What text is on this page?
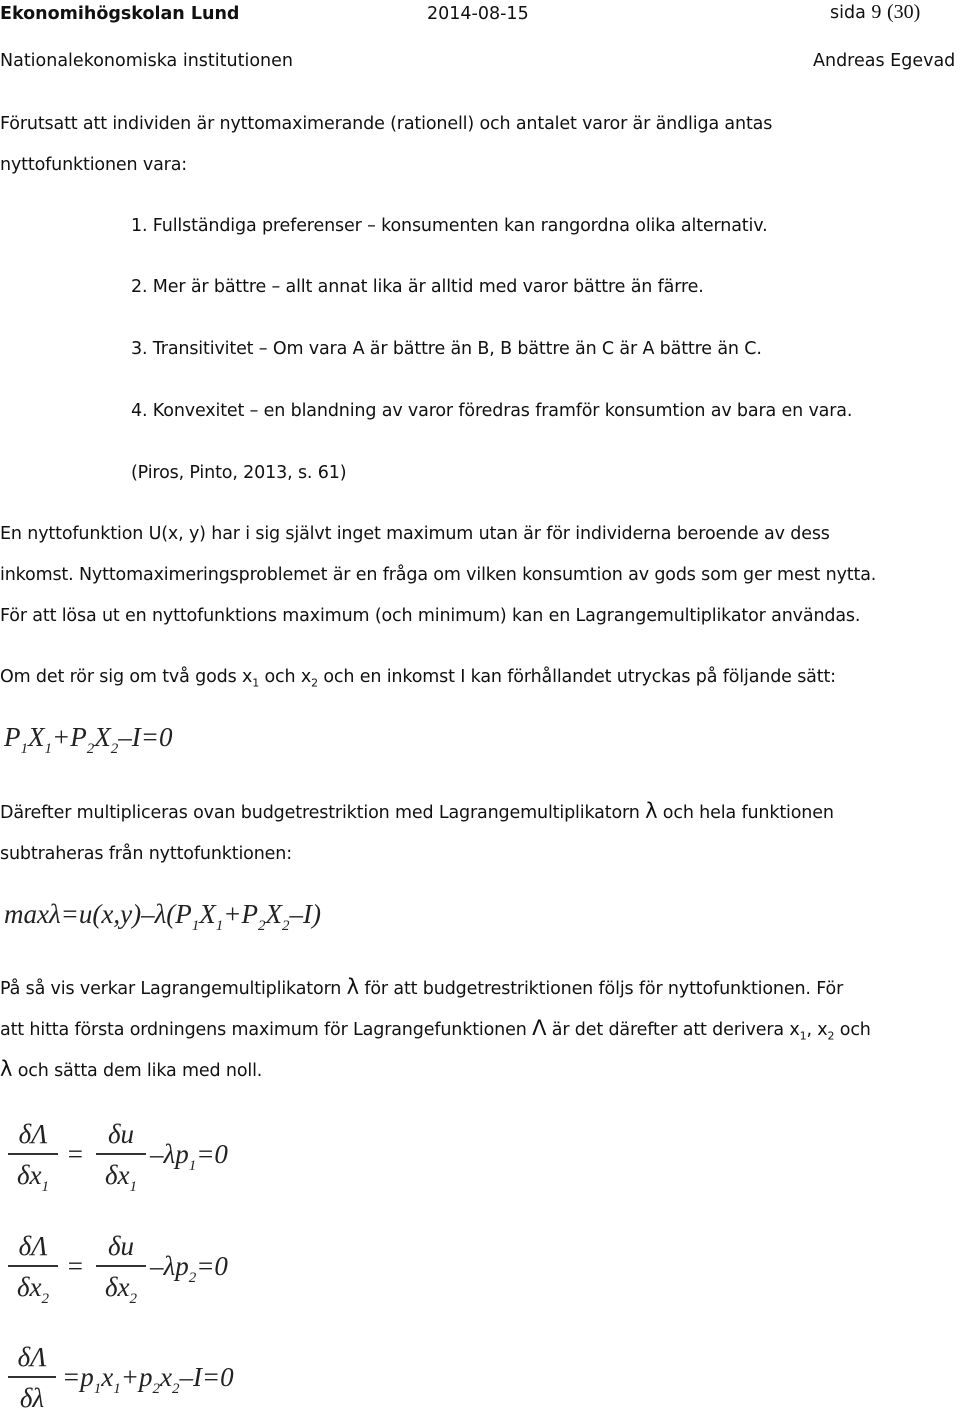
Ekonomihögskolan Lund	2014-08-15	sida 9 (30)
Nationalekonomiska institutionen	Andreas Egevad
Förutsatt att individen är nyttomaximerande (rationell) och antalet varor är ändliga antas
nyttofunktionen vara:
1. Fullständiga preferenser – konsumenten kan rangordna olika alternativ.
2. Mer är bättre – allt annat lika är alltid med varor bättre än färre.
3. Transitivitet – Om vara A är bättre än B, B bättre än C är A bättre än C.
4. Konvexitet – en blandning av varor föredras framför konsumtion av bara en vara.
(Piros, Pinto, 2013, s. 61)
En nyttofunktion U(x, y) har i sig självt inget maximum utan är för individerna beroende av dess
inkomst. Nyttomaximeringsproblemet är en fråga om vilken konsumtion av gods som ger mest nytta.
För att lösa ut en nyttofunktions maximum (och minimum) kan en Lagrangemultiplikator användas.
Om det rör sig om två gods $x_1$ och $x_2$ och en inkomst I kan förhållandet utryckas på följande sätt:
$P_1X_1+P_2X_2-I=0$
Därefter multipliceras ovan budgetrestriktion med Lagrangemultiplikatorn λ och hela funktionen
subtraheras från nyttofunktionen:
$\max\lambda=u(x,y)-\lambda(P_1X_1+P_2X_2-I)$
På så vis verkar Lagrangemultiplikatorn λ för att budgetrestriktionen följs för nyttofunktionen. För
att hitta första ordningens maximum för Lagrangefunktionen Λ är det därefter att derivera $x_1$, $x_2$ och
λ och sätta dem lika med noll.
δΛ
$\delta x_1$
=
δu
$\delta x_1$
$-\lambda p_1=0$
δΛ
$\delta x_2$
=
δu
$\delta x_2$
$-\lambda p_2=0$
δΛ
δλ
$=p_1x_1+p_2x_2-I=0$
